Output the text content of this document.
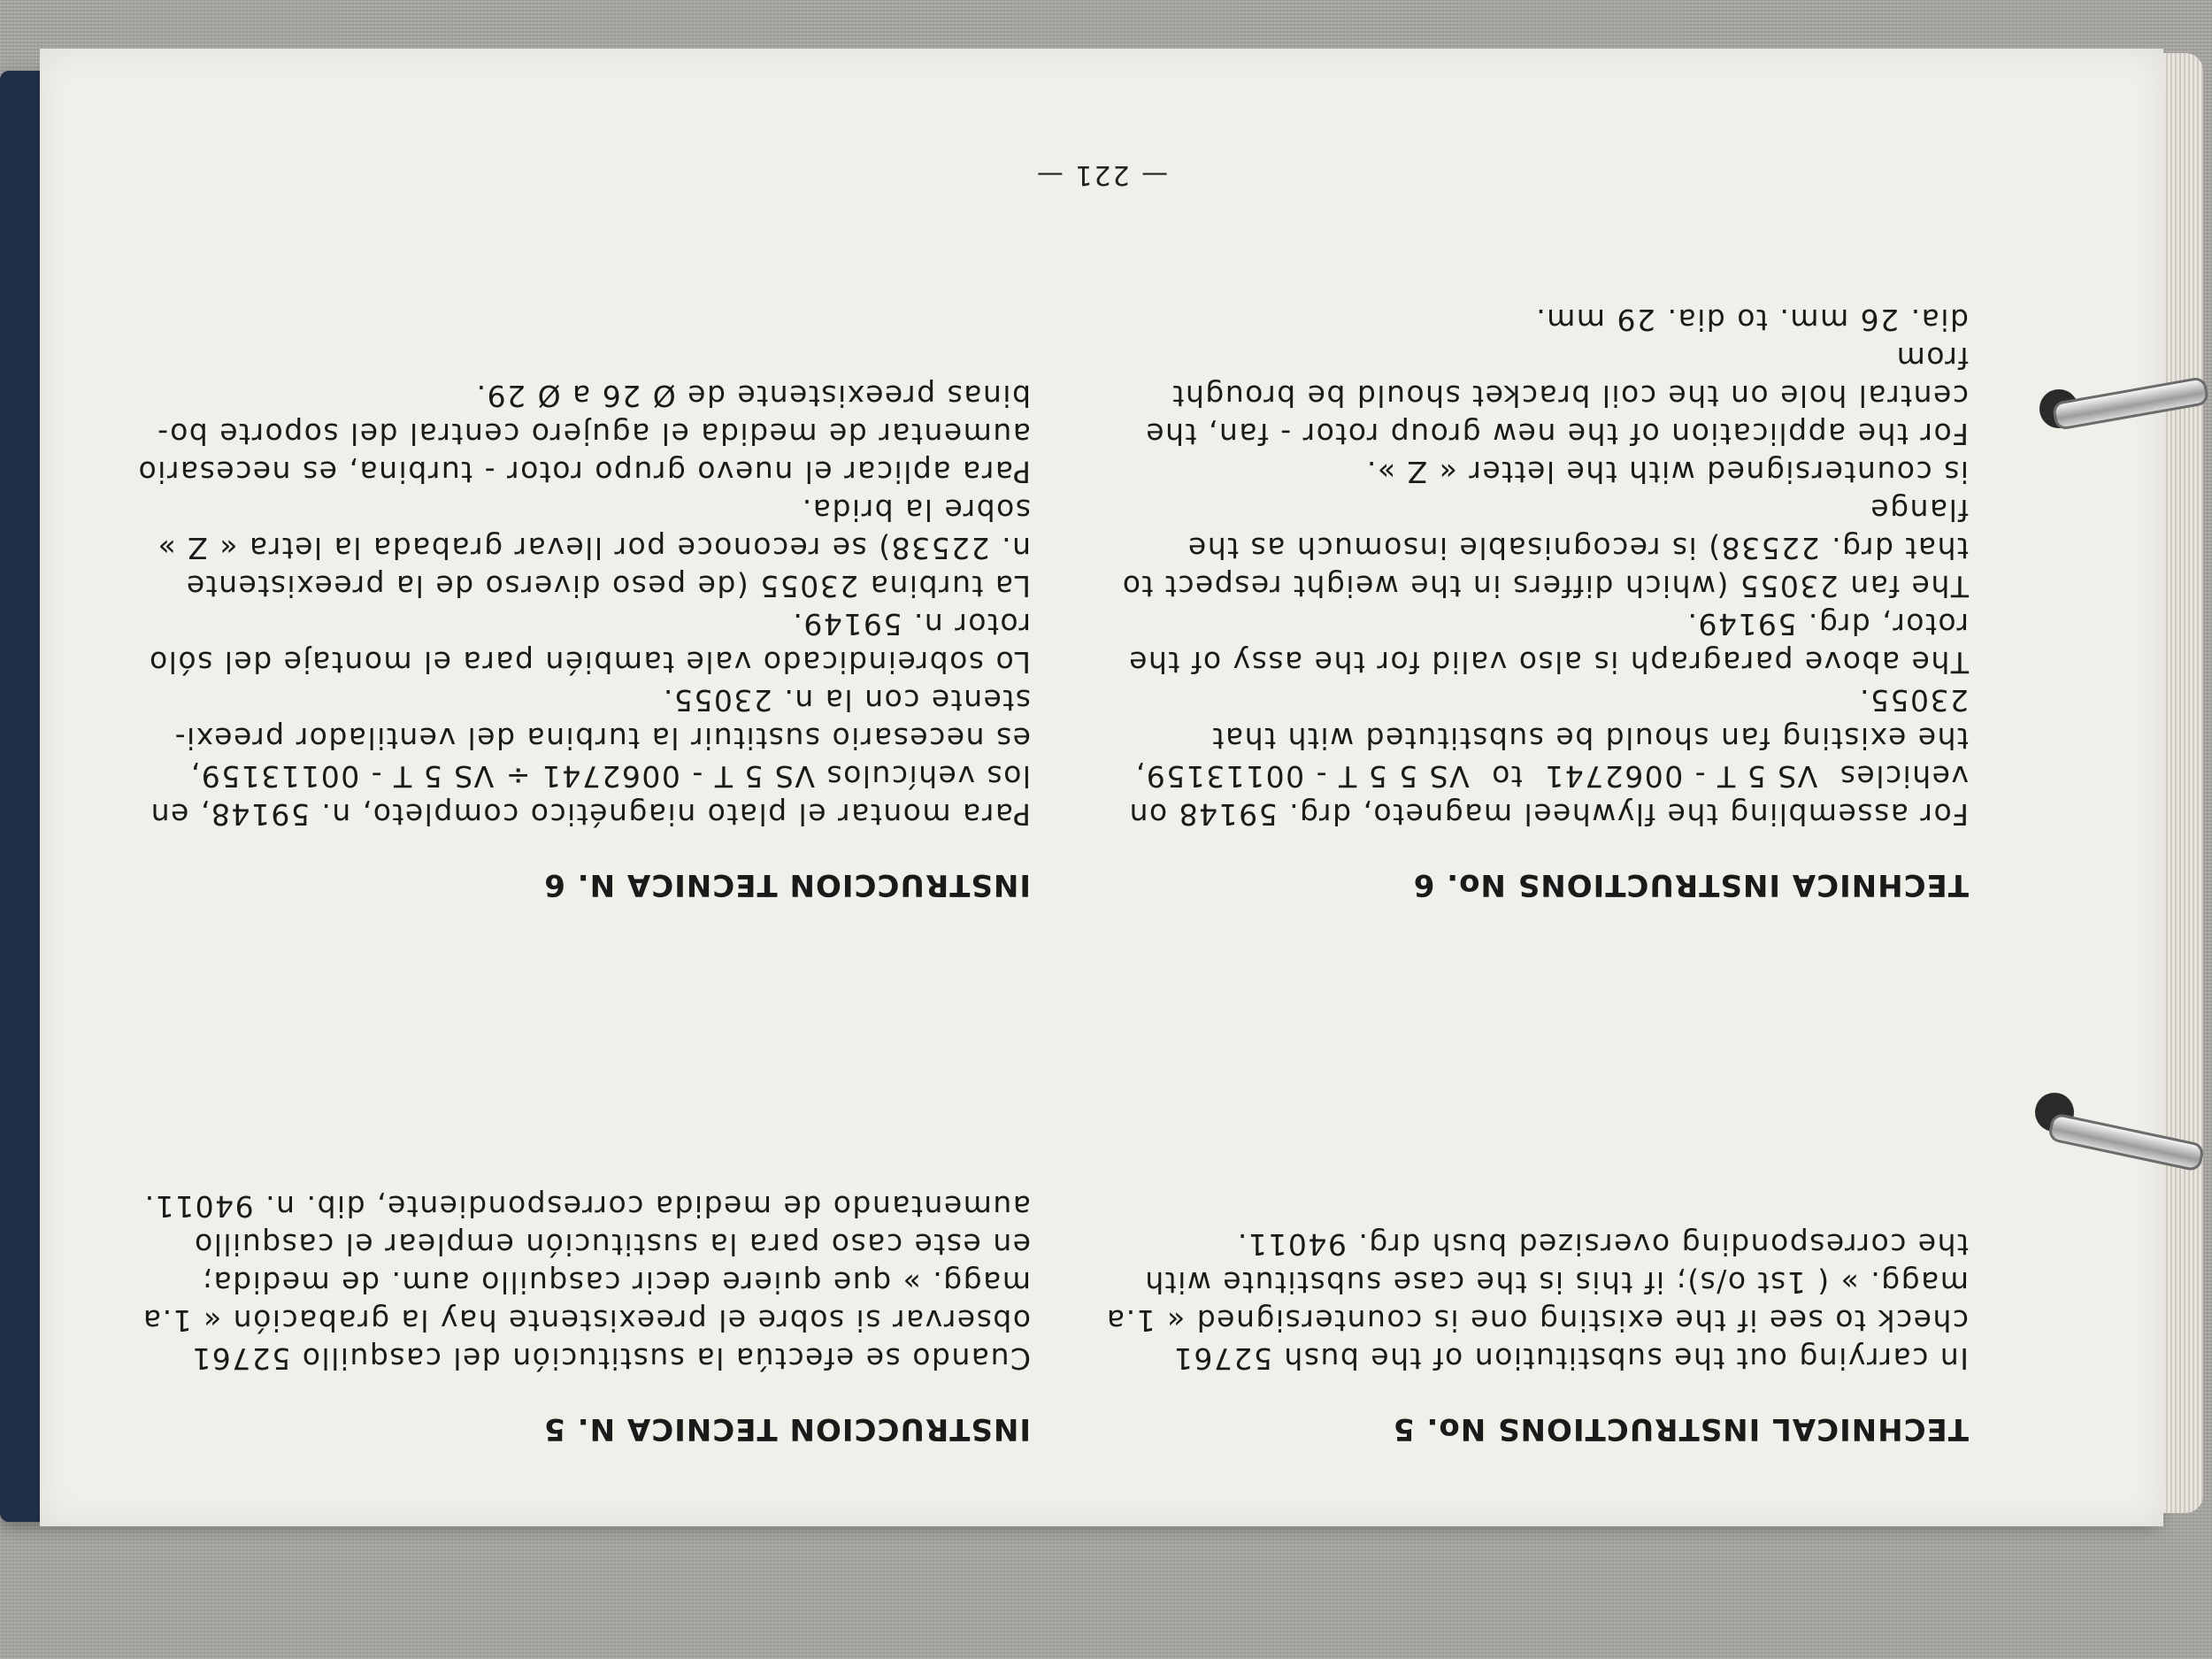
TECHNICAL INSTRUCTIONS No. 5

In carrying out the substitution of the bush 52761
check to see if the existing one is countersigned « 1.a
magg. » ( 1st o/s); if this is the case substitute with
the corresponding oversized bush drg. 94011.

INSTRUCCION TECNICA N. 5

Cuando se efectúa la sustitución del casquillo 52761
observar si sobre el preexistente hay la grabación « 1.a
magg. » que quiere decir casquillo aum. de medida;
en este caso para la sustitución emplear el casquillo
aumentando de medida correspondiente, dib. n. 94011.

TECHNICA INSTRUCTIONS No. 6

For assembling the flywheel magneto, drg. 59148 on
vehicles  VS 5 T - 0062741  to  VS 5 5 T - 00113159,
the existing fan should be substituted with that 23055.
The above paragraph is also valid for the assy of the
rotor, drg. 59149.
The fan 23055 (which differs in the weight respect to
that drg. 22538) is recognisable insomuch as the flange
is countersigned with the letter « Z ».
For the application of the new group rotor - fan, the
central hole on the coil bracket should be brought from
dia. 26 mm. to dia. 29 mm.

INSTRUCCION TECNICA N. 6

Para montar el plato niagnético completo, n. 59148, en
los vehículos VS 5 T - 0062741 ÷ VS 5 T - 00113159,
es necesario sustituir la turbina del ventilador preexi-
stente con la n. 23055.
Lo sobreindicado vale también para el montaje del sólo
rotor n. 59149.
La turbina 23055 (de peso diverso de la preexistente
n. 22538) se reconoce por llevar grabada la letra « Z »
sobre la brida.
Para aplicar el nuevo grupo rotor - turbina, es necesario
aumentar de medida el agujero central del soporte bo-
binas preexistente de Ø 26 a Ø 29.

— 221 —
